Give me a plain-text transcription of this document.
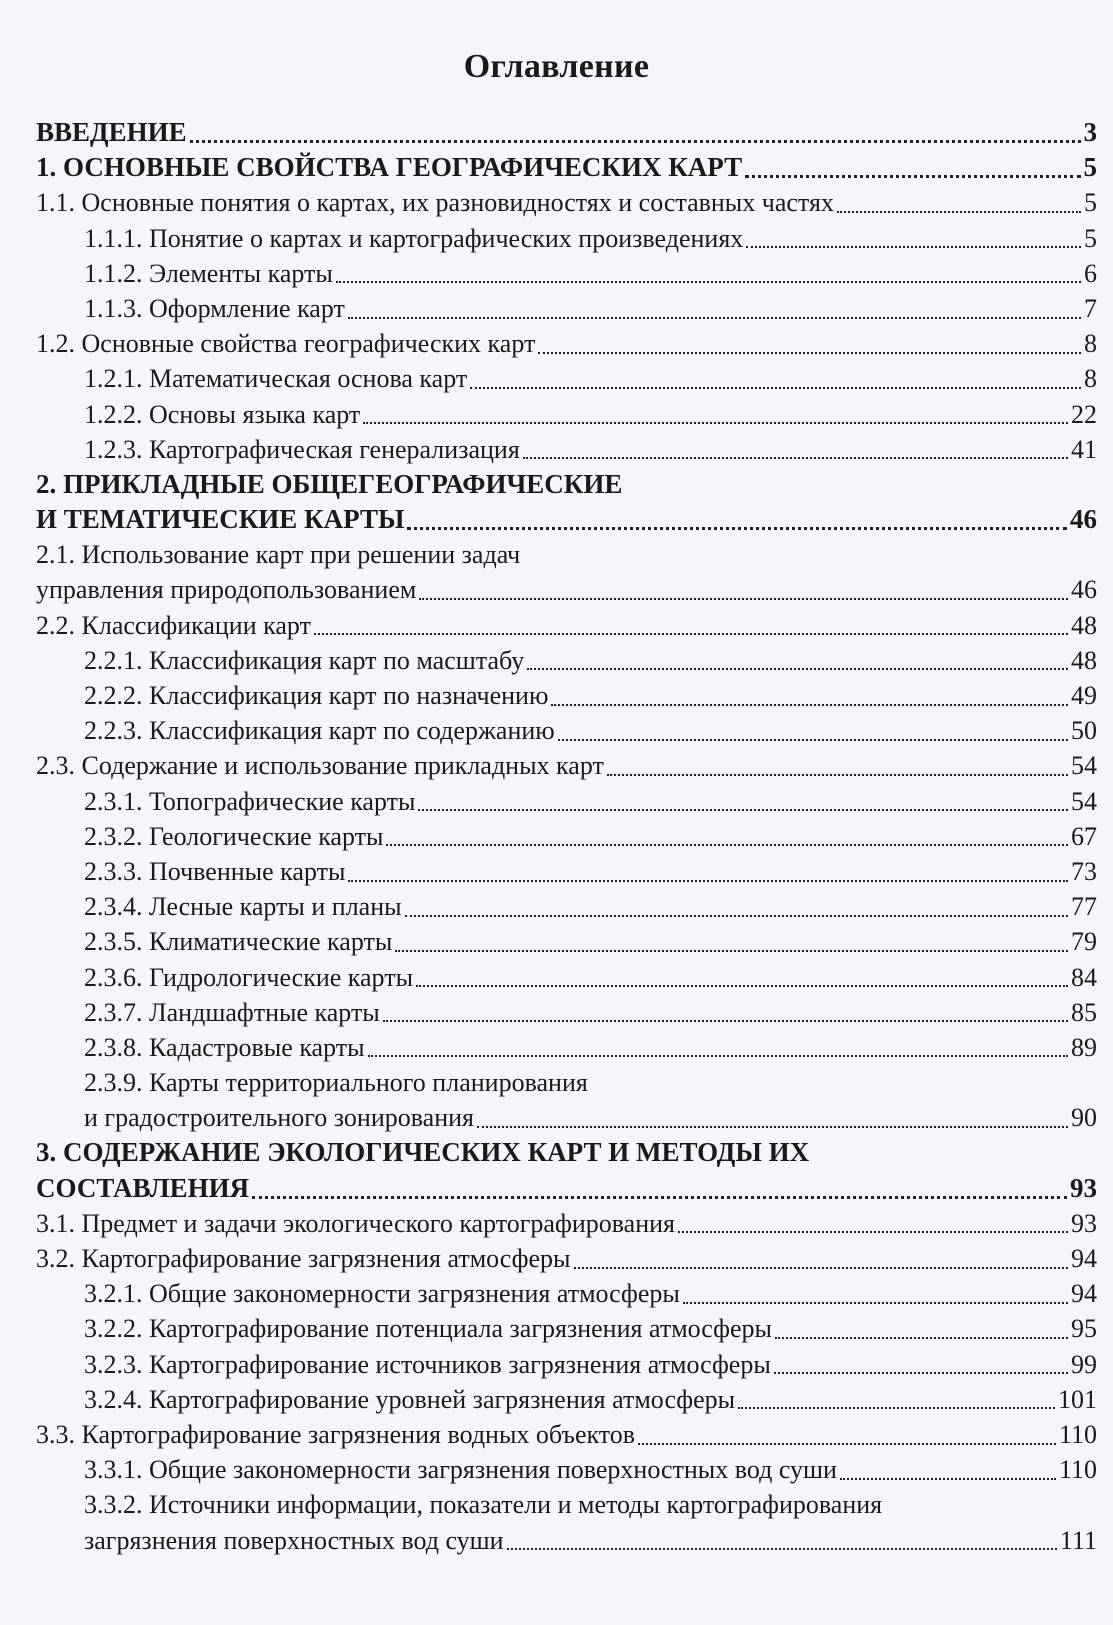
Оглавление
ВВЕДЕНИЕ	3
1. ОСНОВНЫЕ СВОЙСТВА ГЕОГРАФИЧЕСКИХ КАРТ	5
1.1. Основные понятия о картах, их разновидностях и составных частях	5
1.1.1. Понятие о картах и картографических произведениях	5
1.1.2. Элементы карты	6
1.1.3. Оформление карт	7
1.2. Основные свойства географических карт	8
1.2.1. Математическая основа карт	8
1.2.2. Основы языка карт	22
1.2.3. Картографическая генерализация	41
2. ПРИКЛАДНЫЕ ОБЩЕГЕОГРАФИЧЕСКИЕ
И ТЕМАТИЧЕСКИЕ КАРТЫ	46
2.1. Использование карт при решении задач
управления природопользованием	46
2.2. Классификации карт	48
2.2.1. Классификация карт по масштабу	48
2.2.2. Классификация карт по назначению	49
2.2.3. Классификация карт по содержанию	50
2.3. Содержание и использование прикладных карт	54
2.3.1. Топографические карты	54
2.3.2. Геологические карты	67
2.3.3. Почвенные карты	73
2.3.4. Лесные карты и планы	77
2.3.5. Климатические карты	79
2.3.6. Гидрологические карты	84
2.3.7. Ландшафтные карты	85
2.3.8. Кадастровые карты	89
2.3.9. Карты территориального планирования
и градостроительного зонирования	90
3. СОДЕРЖАНИЕ ЭКОЛОГИЧЕСКИХ КАРТ И МЕТОДЫ ИХ
СОСТАВЛЕНИЯ	93
3.1. Предмет и задачи экологического картографирования	93
3.2. Картографирование загрязнения атмосферы	94
3.2.1. Общие закономерности загрязнения атмосферы	94
3.2.2. Картографирование потенциала загрязнения атмосферы	95
3.2.3. Картографирование источников загрязнения атмосферы	99
3.2.4. Картографирование уровней загрязнения атмосферы	101
3.3. Картографирование загрязнения водных объектов	110
3.3.1. Общие закономерности загрязнения поверхностных вод суши	110
3.3.2. Источники информации, показатели и методы картографирования
загрязнения поверхностных вод суши	111
